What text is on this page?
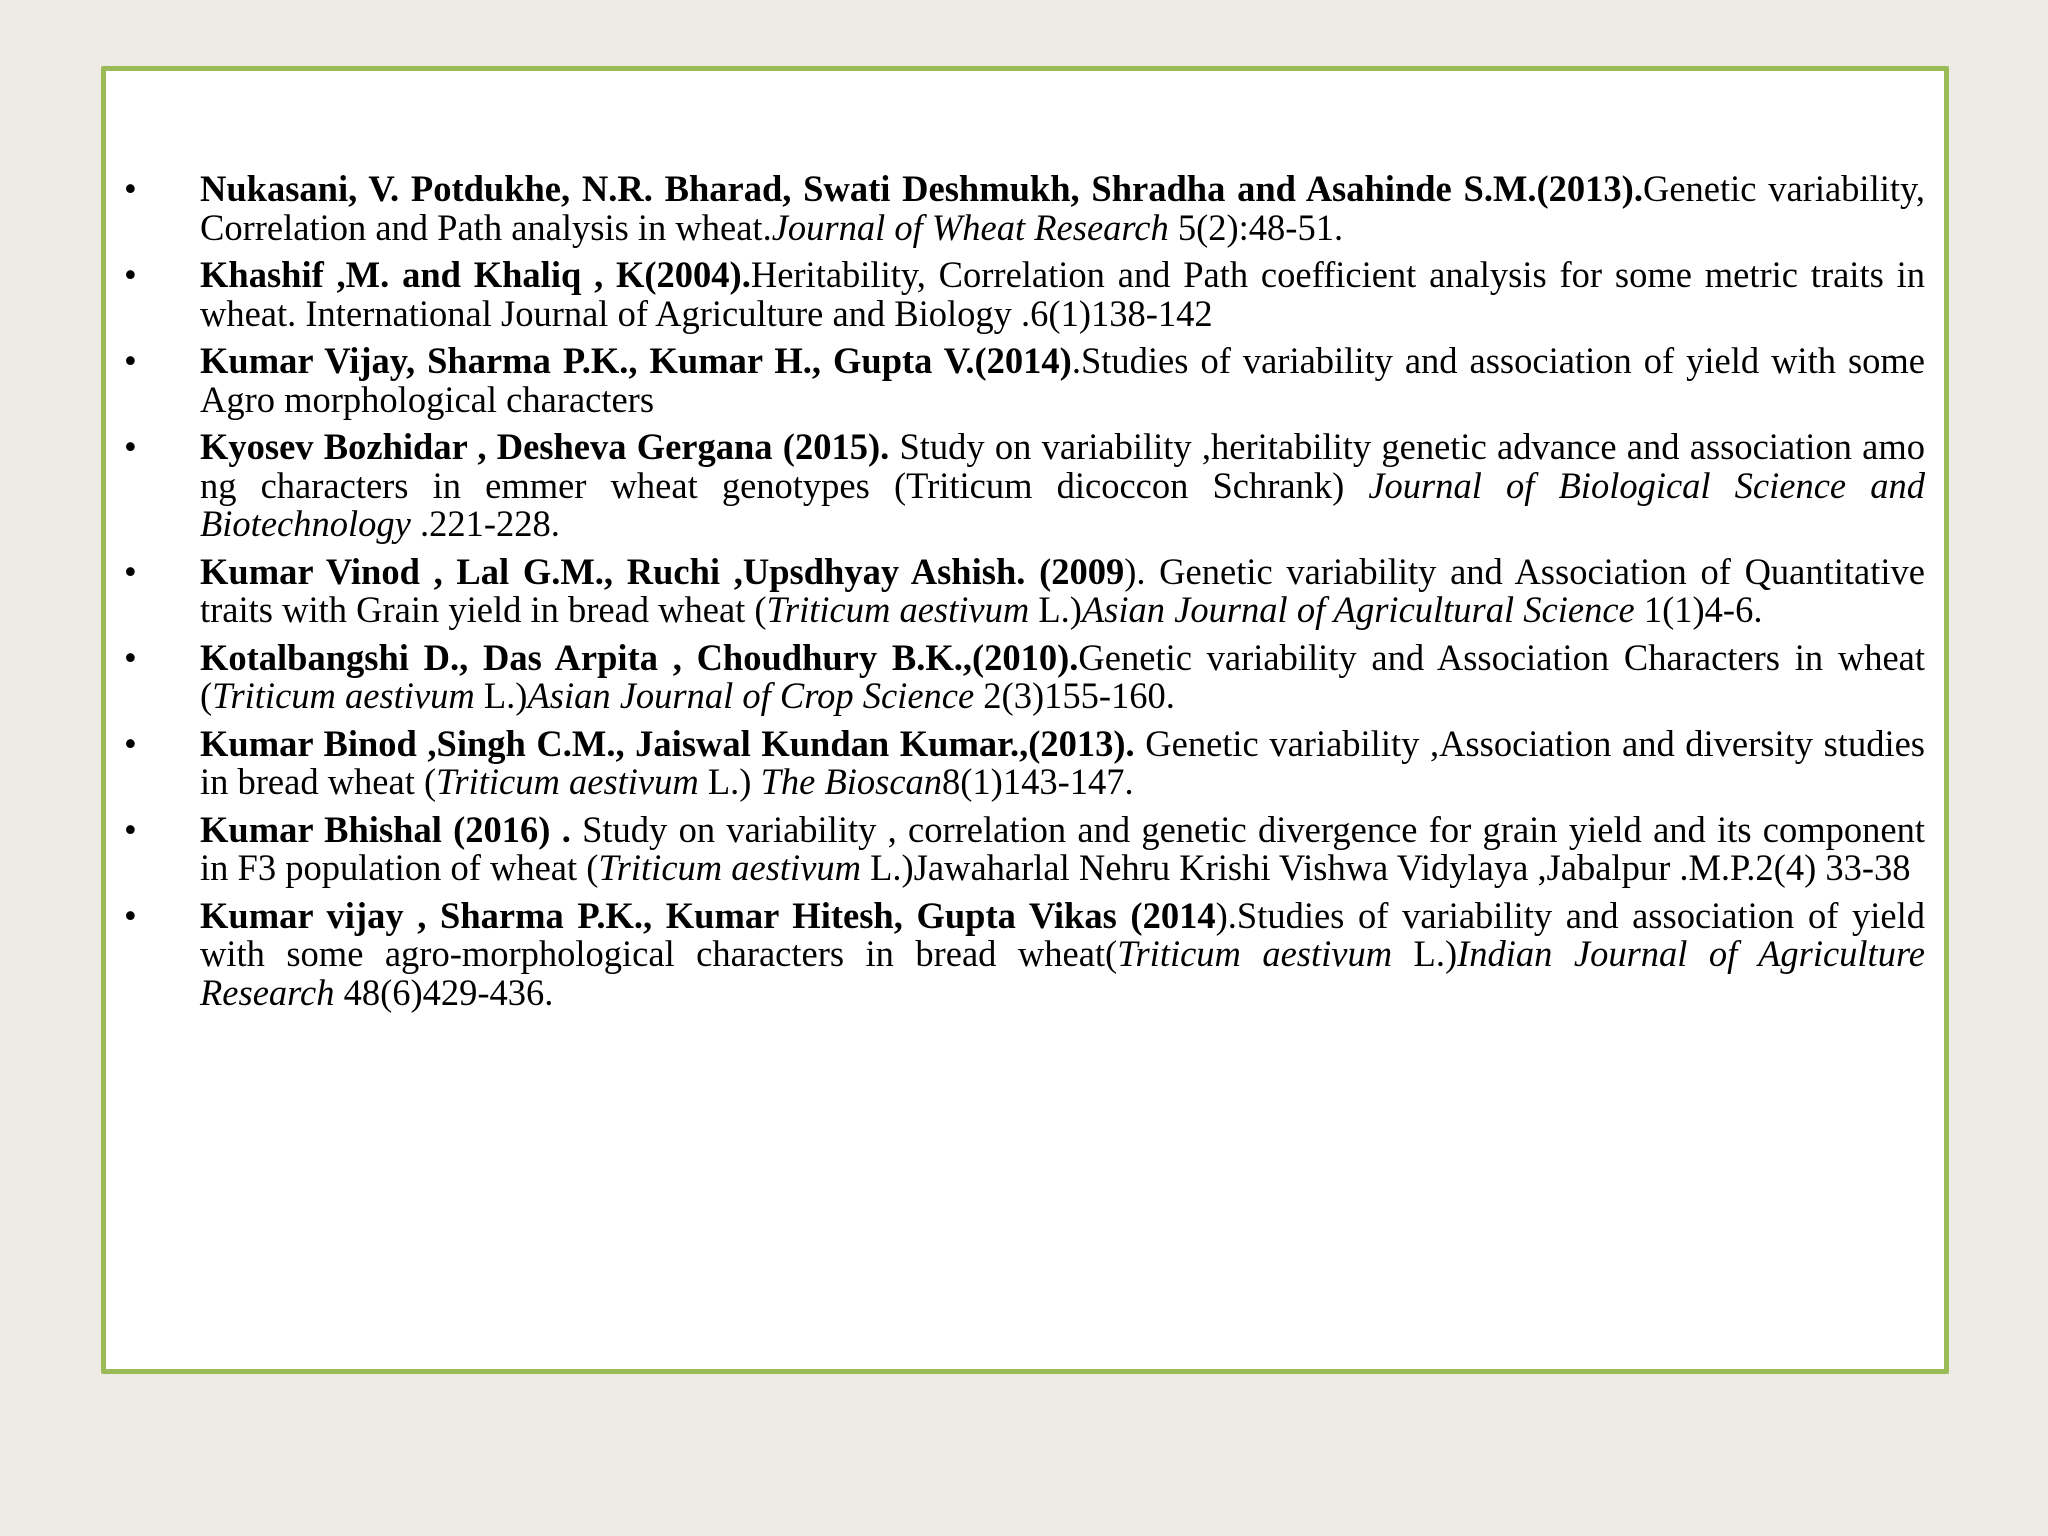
• Nukasani, V. Potdukhe, N.R. Bharad, Swati Deshmukh, Shradha and Asahinde S.M.(2013).Genetic variability, Correlation and Path analysis in wheat.Journal of Wheat Research 5(2):48-51.
• Khashif ,M. and Khaliq , K(2004).Heritability, Correlation and Path coefficient analysis for some metric traits in wheat. International Journal of Agriculture and Biology .6(1)138-142
• Kumar Vijay, Sharma P.K., Kumar H., Gupta V.(2014).Studies of variability and association of yield with some Agro morphological characters
• Kyosev Bozhidar , Desheva Gergana (2015). Study on variability ,heritability genetic advance and association amo ng characters in emmer wheat genotypes (Triticum dicoccon Schrank) Journal of Biological Science and Biotechnology .221-228.
• Kumar Vinod , Lal G.M., Ruchi ,Upsdhyay Ashish. (2009). Genetic variability and Association of Quantitative traits with Grain yield in bread wheat (Triticum aestivum L.)Asian Journal of Agricultural Science 1(1)4-6.
• Kotalbangshi D., Das Arpita , Choudhury B.K.,(2010).Genetic variability and Association Characters in wheat (Triticum aestivum L.)Asian Journal of Crop Science 2(3)155-160.
• Kumar Binod ,Singh C.M., Jaiswal Kundan Kumar.,(2013). Genetic variability ,Association and diversity studies in bread wheat (Triticum aestivum L.) The Bioscan8(1)143-147.
• Kumar Bhishal (2016) . Study on variability , correlation and genetic divergence for grain yield and its component in F3 population of wheat (Triticum aestivum L.)Jawaharlal Nehru Krishi Vishwa Vidylaya ,Jabalpur .M.P.2(4) 33-38
• Kumar vijay , Sharma P.K., Kumar Hitesh, Gupta Vikas (2014).Studies of variability and association of yield with some agro-morphological characters in bread wheat(Triticum aestivum L.)Indian Journal of Agriculture Research 48(6)429-436.
